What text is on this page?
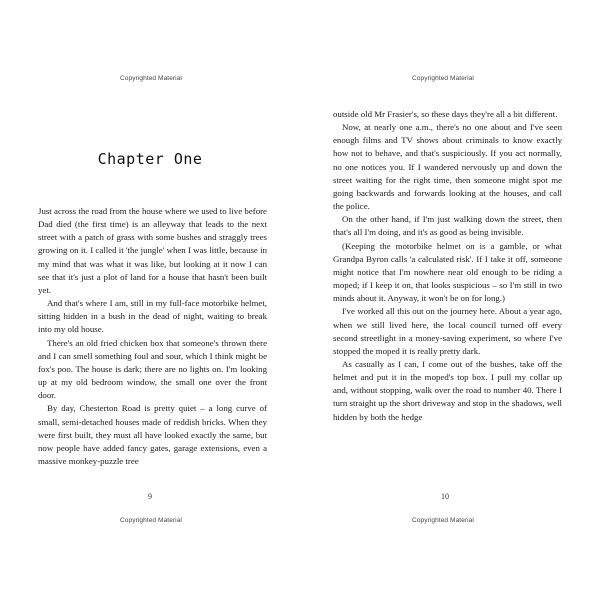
Copyrighted Material
Chapter One

Just across the road from the house where we used to live before Dad died (the first time) is an alleyway that leads to the next street with a patch of grass with some bushes and straggly trees growing on it. I called it 'the jungle' when I was little, because in my mind that was what it was like, but looking at it now I can see that it's just a plot of land for a house that hasn't been built yet.

And that's where I am, still in my full-face motorbike helmet, sitting hidden in a bush in the dead of night, waiting to break into my old house.

There's an old fried chicken box that someone's thrown there and I can smell something foul and sour, which I think might be fox's poo. The house is dark; there are no lights on. I'm looking up at my old bedroom window, the small one over the front door.

By day, Chesterton Road is pretty quiet – a long curve of small, semi-detached houses made of reddish bricks. When they were first built, they must all have looked exactly the same, but now people have added fancy gates, garage extensions, even a massive monkey-puzzle tree

9
Copyrighted Material
Copyrighted Material

outside old Mr Frasier's, so these days they're all a bit different.

Now, at nearly one a.m., there's no one about and I've seen enough films and TV shows about criminals to know exactly how not to behave, and that's suspiciously. If you act normally, no one notices you. If I wandered nervously up and down the street waiting for the right time, then someone might spot me going backwards and forwards looking at the houses, and call the police.

On the other hand, if I'm just walking down the street, then that's all I'm doing, and it's as good as being invisible.

(Keeping the motorbike helmet on is a gamble, or what Grandpa Byron calls 'a calculated risk'. If I take it off, someone might notice that I'm nowhere near old enough to be riding a moped; if I keep it on, that looks suspicious – so I'm still in two minds about it. Anyway, it won't be on for long.)

I've worked all this out on the journey here. About a year ago, when we still lived here, the local council turned off every second streetlight in a money-saving experiment, so where I've stopped the moped it is really pretty dark.

As casually as I can, I come out of the bushes, take off the helmet and put it in the moped's top box. I pull my collar up and, without stopping, walk over the road to number 40. There I turn straight up the short driveway and stop in the shadows, well hidden by both the hedge

10
Copyrighted Material
